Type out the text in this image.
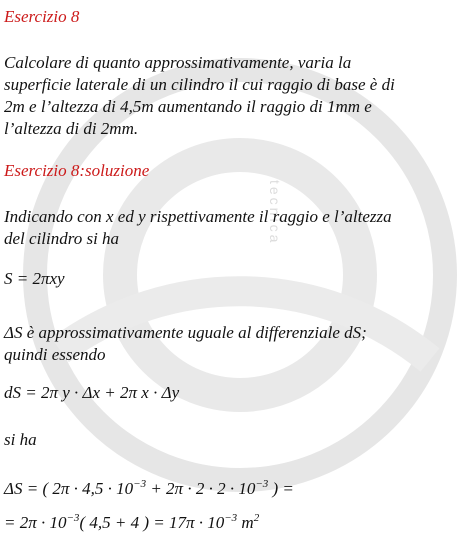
tecnica
Esercizio 8
Calcolare di quanto approssimativamente, varia la
superficie laterale di un cilindro il cui raggio di base è di
2m e l’altezza di 4,5m aumentando il raggio di 1mm e
l’altezza di di 2mm.
Esercizio 8:soluzione
Indicando con x ed y rispettivamente il raggio e l’altezza
del cilindro si ha
S = 2πxy
ΔS è approssimativamente uguale al differenziale dS;
quindi essendo
dS = 2π y · Δx + 2π x · Δy
si ha
ΔS = ( $2\pi \cdot 4,5 \cdot 10^{-3} + 2\pi \cdot 2 \cdot 2 \cdot 10^{-3}$ ) =
= $2\pi \cdot 10^{-3}$( 4,5 + 4 ) = $17\pi \cdot 10^{-3}$ $m^2$
